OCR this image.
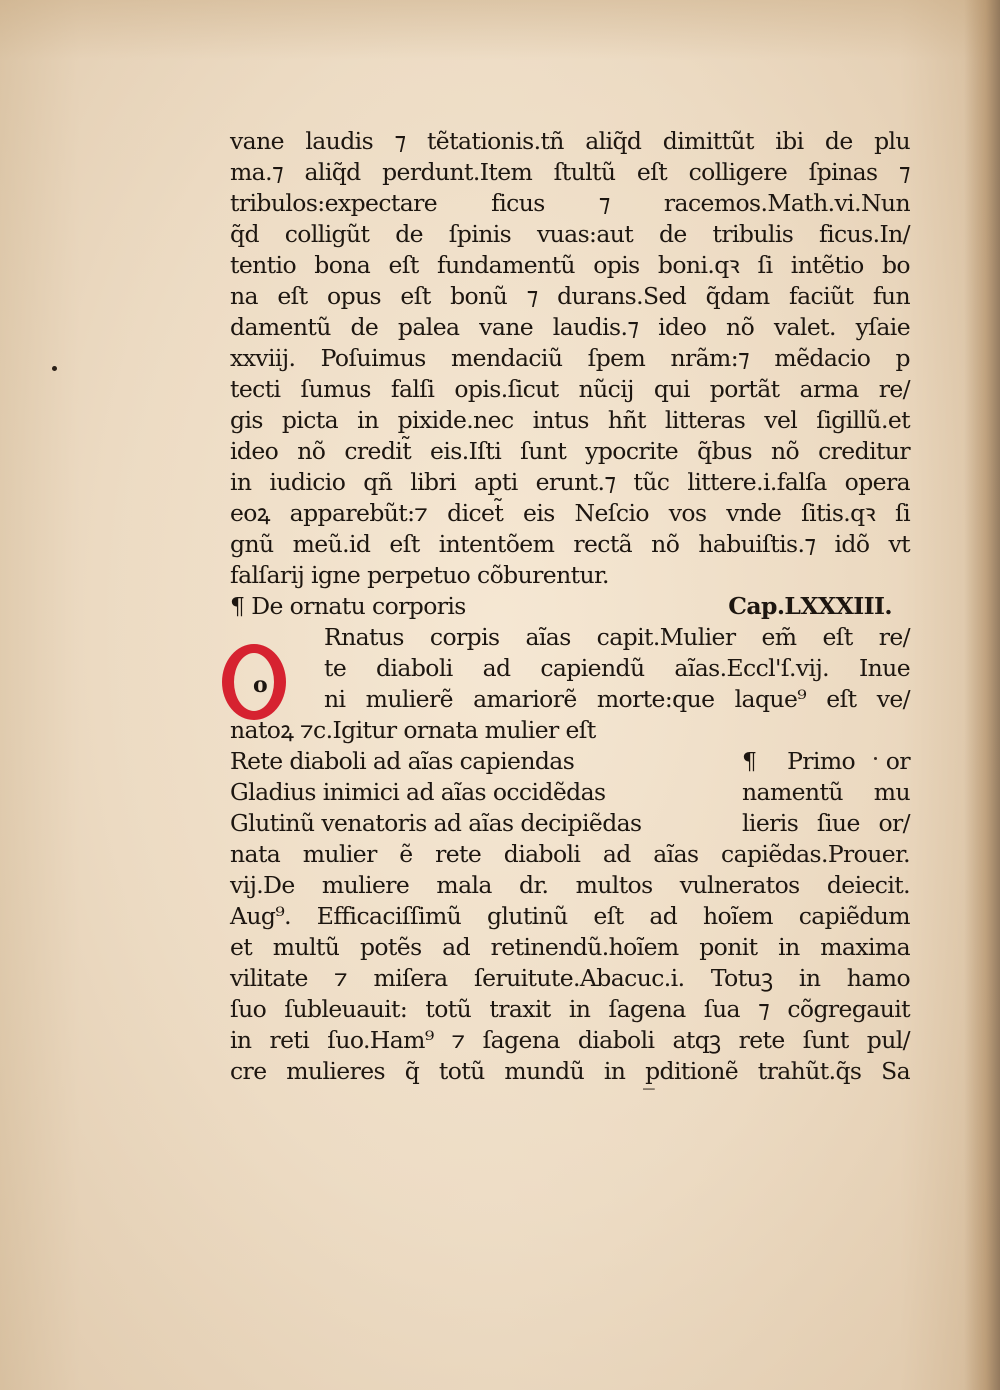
vane laudis ⁊ tẽtationis.tñ aliq̃d dimittũt ibi de plu
ma.⁊ aliq̃d perdunt.Item ſtultũ eſt colligere ſpinas ⁊
tribulos:expectare ficus ⁊ racemos.Math.vi.Nun
q̃d colligũt de ſpinis vuas:aut de tribulis ficus.In/
tentio bona eſt fundamentũ opis boni.qꝛ ſi intẽtio bo
na eſt opus eſt bonũ ⁊ durans.Sed q̃dam faciũt fun
damentũ de palea vane laudis.⁊ ideo nõ valet. yſaie
xxviij. Poſuimus mendaciũ ſpem nrãm:⁊ mẽdacio p
tecti ſumus falſi opis.ſicut nũcij qui portãt arma re/
gis picta in pixide.nec intus hñt litteras vel ſigillũ.et
ideo nõ credit̃ eis.Iſti ſunt ypocrite q̃bus nõ creditur
in iudicio qñ libri apti erunt.⁊ tũc littere.i.falſa opera
eoꝝ apparebũt:⁊ dicet̃ eis Neſcio vos vnde ſitis.qꝛ ſi
gnũ meũ.id eſt intentõem rectã nõ habuiſtis.⁊ idõ vt
falſarij igne perpetuo cõburentur.
¶ De ornatu corporis	Cap.LXXXIII.
Rnatus corpis aĩas capit.Mulier em̃ eſt re/
te diaboli ad capiendũ aĩas.Eccl'ſ.vij. Inue
ni mulierẽ amariorẽ morte:que laque⁹ eſt ve/
natoꝝ ⁊c.Igitur ornata mulier eſt
Rete diaboli ad aĩas capiendas	¶ Primo or
Gladius inimici ad aĩas occidẽdas	namentũ mu
Glutinũ venatoris ad aĩas decipiẽdas	lieris ſiue or/
nata mulier ẽ rete diaboli ad aĩas capiẽdas.Prouer.
vij.De muliere mala dr. multos vulneratos deiecit.
Aug⁹. Efficaciſſimũ glutinũ eſt ad hoĩem capiẽdum
et multũ potẽs ad retinendũ.hoĩem ponit in maxima
vilitate ⁊ miſera ſeruitute.Abacuc.i. Totuꝫ in hamo
ſuo ſubleuauit: totũ traxit in ſagena ſua ⁊ cõgregauit
in reti ſuo.Ham⁹ ⁊ ſagena diaboli atqꝫ rete ſunt pul/
cre mulieres q̃ totũ mundũ in p̲ditionẽ trahũt.q̃s Sa
o
